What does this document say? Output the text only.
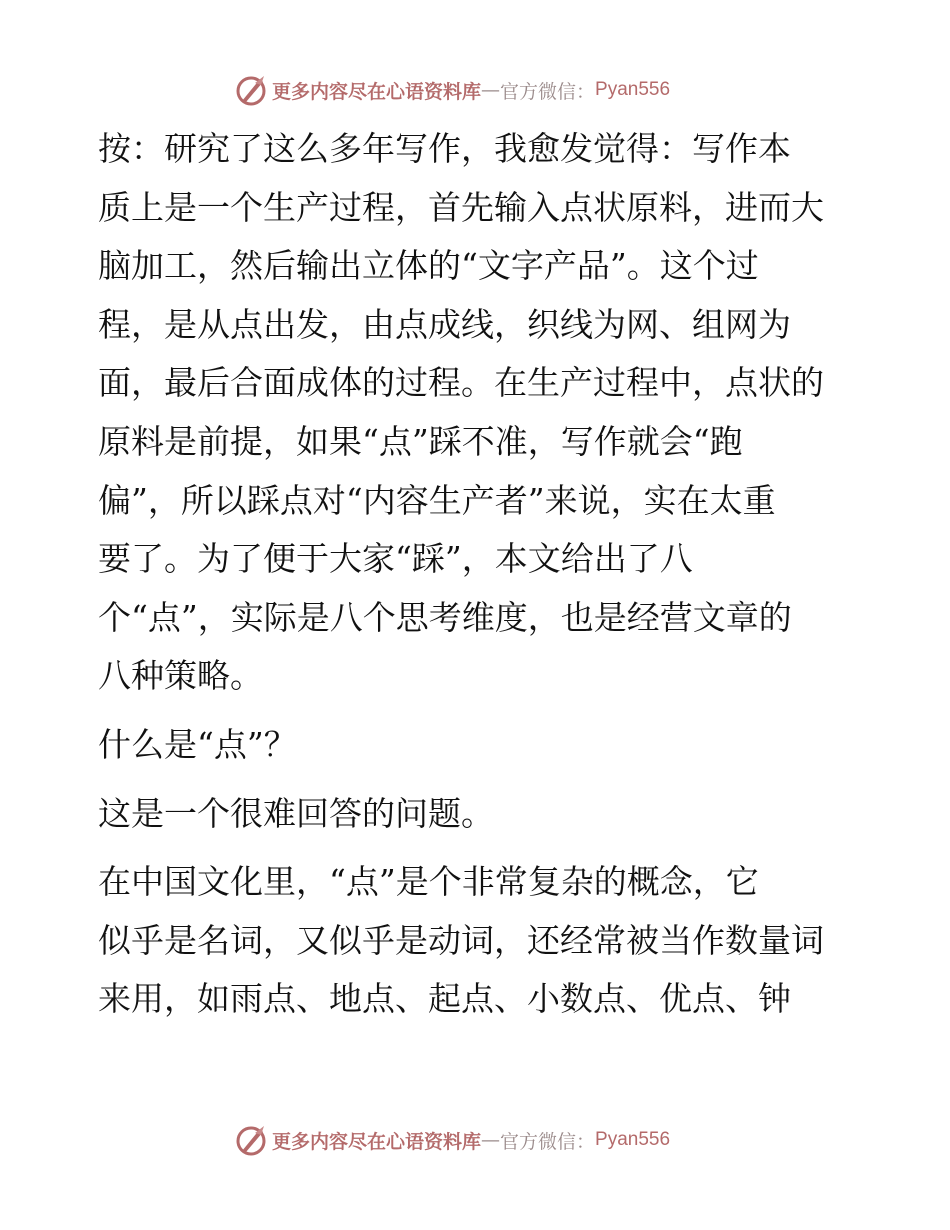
更多内容尽在心语资料库 — 官方微信： Pyan556
按：研究了这么多年写作，我愈发觉得：写作本
质上是一个生产过程，首先输入点状原料，进而大
脑加工，然后输出立体的“文字产品”。这个过
程，是从点出发，由点成线，织线为网、组网为
面，最后合面成体的过程。在生产过程中，点状的
原料是前提，如果“点”踩不准，写作就会“跑
偏”，所以踩点对“内容生产者”来说，实在太重
要了。为了便于大家“踩”，本文给出了八
个“点”，实际是八个思考维度，也是经营文章的
八种策略。
什么是“点”？
这是一个很难回答的问题。
在中国文化里，“点”是个非常复杂的概念，它
似乎是名词，又似乎是动词，还经常被当作数量词
来用，如雨点、地点、起点、小数点、优点、钟
更多内容尽在心语资料库 — 官方微信： Pyan556
